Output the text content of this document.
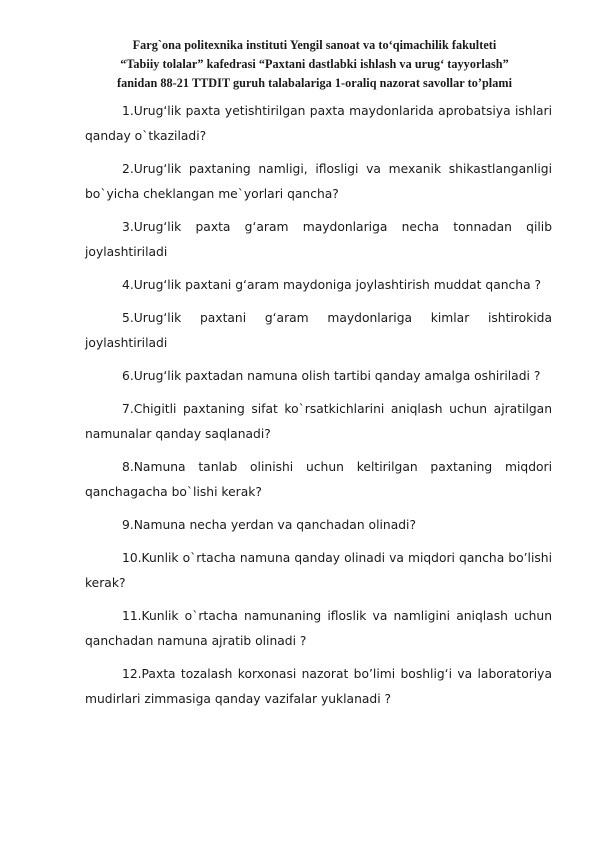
Farg`ona politexnika instituti Yengil sanoat va to‘qimachilik fakulteti
“Tabiiy tolalar” kafedrasi “Paxtani dastlabki ishlash va urug‘ tayyorlash”
fanidan 88-21 TTDIT guruh talabalariga 1-oraliq nazorat savollar to’plami

1.Urug‘lik paxta yetishtirilgan paxta maydonlarida aprobatsiya ishlari qanday o`tkaziladi?

2.Urug‘lik paxtaning namligi, iflosligi va mexanik shikastlanganligi bo`yicha cheklangan me`yorlari qancha?

3.Urug‘lik paxta g‘aram maydonlariga necha tonnadan qilib joylashtiriladi

4.Urug‘lik paxtani g‘aram maydoniga joylashtirish muddat qancha ?

5.Urug‘lik paxtani g‘aram maydonlariga kimlar ishtirokida joylashtiriladi

6.Urug‘lik paxtadan namuna olish tartibi qanday amalga oshiriladi ?

7.Chigitli paxtaning sifat ko`rsatkichlarini aniqlash uchun ajratilgan namunalar qanday saqlanadi?

8.Namuna tanlab olinishi uchun keltirilgan paxtaning miqdori qanchagacha bo`lishi kerak?

9.Namuna necha yerdan va qanchadan olinadi?

10.Kunlik o`rtacha namuna qanday olinadi va miqdori qancha bo’lishi kerak?

11.Kunlik o`rtacha namunaning ifloslik va namligini aniqlash uchun qanchadan namuna ajratib olinadi ?

12.Paxta tozalash korxonasi nazorat bo’limi boshlig‘i va laboratoriya mudirlari zimmasiga qanday vazifalar yuklanadi ?
